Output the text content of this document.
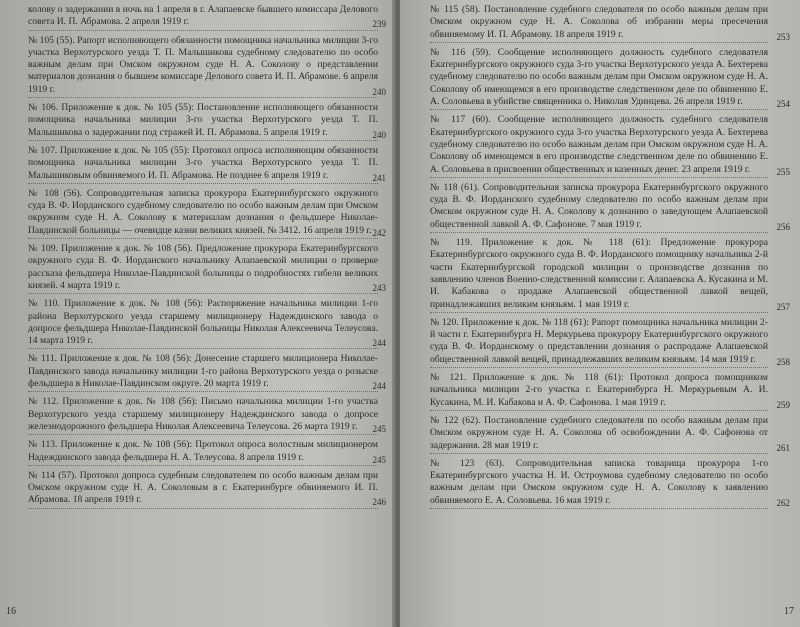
колову о задержании в ночь на 1 апреля в г. Алапаевске бывшего комиссара Делового совета И. П. Абрамова. 2 апреля 1919 г.	239
№ 105 (55). Рапорт исполняющего обязанности помощника начальника милиции 3-го участка Верхотурского уезда Т. П. Малышикова судебному следователю по особо важным делам при Омском окружном суде Н. А. Соколову о представлении материалов дознания о бывшем комиссаре Делового совета И. П. Абрамове. 6 апреля 1919 г.	240
№ 106. Приложение к док. № 105 (55): Постановление исполняющего обязанности помощника начальника милиции 3-го участка Верхотурского уезда Т. П. Малышикова о задержании под стражей И. П. Абрамова. 5 апреля 1919 г.	240
№ 107. Приложение к док. № 105 (55): Протокол опроса исполняющим обязанности помощника начальника милиции 3-го участка Верхотурского уезда Т. П. Малышиковым обвиняемого И. П. Абрамова. Не позднее 6 апреля 1919 г.	241
№ 108 (56). Сопроводительная записка прокурора Екатеринбургского окружного суда В. Ф. Иорданского судебному следователю по особо важным делам при Омском окружном суде Н. А. Соколову к материалам дознания о фельдшере Николае-Павдинской больницы — очевидце казни великих князей. № 3412. 16 апреля 1919 г. 242
№ 109. Приложение к док. № 108 (56). Предложение прокурора Екатеринбургского окружного суда В. Ф. Иорданского начальнику Алапаевской милиции о проверке рассказа фельдшера Николае-Павдинской больницы о подробностях гибели великих князей. 4 марта 1919 г.	243
№ 110. Приложение к док. № 108 (56): Распоряжение начальника милиции 1-го района Верхотурского уезда старшему милиционеру Надеждинского завода о допросе фельдшера Николае-Павдинской больницы Николая Алексеевича Телеусова. 14 марта 1919 г.	244
№ 111. Приложение к док. № 108 (56): Донесение старшего милиционера Николае-Павдинского завода начальнику милиции 1-го района Верхотурского уезда о розыске фельдшера в Николае-Павдинском округе. 20 марта 1919 г.	244
№ 112. Приложение к док. № 108 (56): Письмо начальника милиции 1-го участка Верхотурского уезда старшему милиционеру Надеждинского завода о допросе железнодорожного фельдшера Николая Алексеевича Телеусова. 26 марта 1919 г.	245
№ 113. Приложение к док. № 108 (56): Протокол опроса волостным милиционером Надеждинского завода фельдшера Н. А. Телеусова. 8 апреля 1919 г.	245
№ 114 (57). Протокол допроса судебным следователем по особо важным делам при Омском окружном суде Н. А. Соколовым в г. Екатеринбурге обвиняемого И. П. Абрамова. 18 апреля 1919 г.	246
16
№ 115 (58). Постановление судебного следователя по особо важным делам при Омском окружном суде Н. А. Соколова об избрании меры пресечения обвиняемому И. П. Абрамову. 18 апреля 1919 г.	253
№ 116 (59). Сообщение исполняющего должность судебного следователя Екатеринбургского окружного суда 3-го участка Верхотурского уезда А. Бехтерева судебному следователю по особо важным делам при Омском окружном суде Н. А. Соколову об имеющемся в его производстве следственном деле по обвинению Е. А. Соловьева в убийстве священника о. Николая Удинцева. 26 апреля 1919 г.	254
№ 117 (60). Сообщение исполняющего должность судебного следователя Екатеринбургского окружного суда 3-го участка Верхотурского уезда А. Бехтерева судебному следователю по особо важным делам при Омском окружном суде Н. А. Соколову об имеющемся в его производстве следственном деле по обвинению Е. А. Соловьева в присвоении общественных и казенных денег. 23 апреля 1919 г.	255
№ 118 (61). Сопроводительная записка прокурора Екатеринбургского окружного суда В. Ф. Иорданского судебному следователю по особо важным делам при Омском окружном суде Н. А. Соколову к дознанию о заведующем Алапаевской общественной лавкой А. Ф. Сафонове. 7 мая 1919 г.	256
№ 119. Приложение к док. № 118 (61): Предложение прокурора Екатеринбургского окружного суда В. Ф. Иорданского помощнику начальника 2-й части Екатеринбургской городской милиции о производстве дознания по заявлению членов Военно-следственной комиссии г. Алапаевска А. Кусакина и М. И. Кабакова о продаже Алапаевской общественной лавкой вещей, принадлежавших великим князьям. 1 мая 1919 г.	257
№ 120. Приложение к док. № 118 (61): Рапорт помощника начальника милиции 2-й части г. Екатеринбурга Н. Меркурьева прокурору Екатеринбургского окружного суда В. Ф. Иорданскому о представлении дознания о распродаже Алапаевской общественной лавкой вещей, принадлежавших великим князьям. 14 мая 1919 г.	258
№ 121. Приложение к док. № 118 (61): Протокол допроса помощником начальника милиции 2-го участка г. Екатеринбурга Н. Меркурьевым А. И. Кусакина, М. И. Кабакова и А. Ф. Сафонова. 1 мая 1919 г.	259
№ 122 (62). Постановление судебного следователя по особо важным делам при Омском окружном суде Н. А. Соколова об освобождении А. Ф. Сафонова от задержания. 28 мая 1919 г.	261
№ 123 (63). Сопроводительная записка товарища прокурора 1-го Екатеринбургского участка Н. И. Остроумова судебному следователю по особо важным делам при Омском окружном суде Н. А. Соколову к заявлению обвиняемого Е. А. Соловьева. 16 мая 1919 г.	262
17
